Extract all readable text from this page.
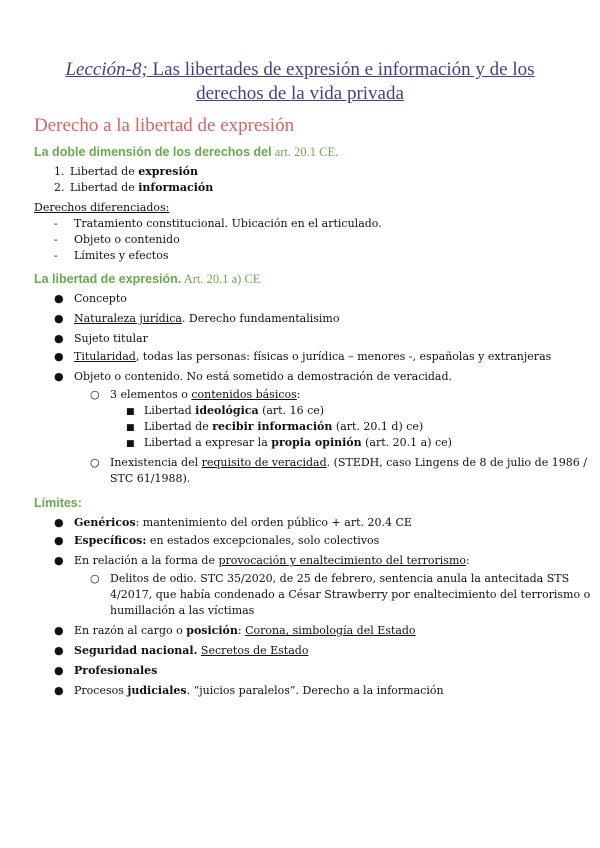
Lección-8; Las libertades de expresión e información y de los
derechos de la vida privada
Derecho a la libertad de expresión
La doble dimensión de los derechos del art. 20.1 CE.
1. Libertad de expresión
2. Libertad de información
Derechos diferenciados:
- Tratamiento constitucional. Ubicación en el articulado.
- Objeto o contenido
- Límites y efectos
La libertad de expresión. Art. 20.1 a) CE
● Concepto
● Naturaleza jurídica. Derecho fundamentalisimo
● Sujeto titular
● Titularidad, todas las personas: físicas o jurídica – menores -, españolas y extranjeras
● Objeto o contenido. No está sometido a demostración de veracidad.
○ 3 elementos o contenidos básicos:
■ Libertad ideológica (art. 16 ce)
■ Libertad de recibir información (art. 20.1 d) ce)
■ Libertad a expresar la propia opinión (art. 20.1 a) ce)
○ Inexistencia del requisito de veracidad. (STEDH, caso Lingens de 8 de julio de 1986 /
STC 61/1988).
Límites:
● Genéricos: mantenimiento del orden público + art. 20.4 CE
● Específicos: en estados excepcionales, solo colectivos
● En relación a la forma de provocación y enaltecimiento del terrorismo:
○ Delitos de odio. STC 35/2020, de 25 de febrero, sentencia anula la antecitada STS
4/2017, que había condenado a César Strawberry por enaltecimiento del terrorismo o
humillación a las víctimas
● En razón al cargo o posición: Corona, simbología del Estado
● Seguridad nacional. Secretos de Estado
● Profesionales
● Procesos judiciales. “juicios paralelos”. Derecho a la información
